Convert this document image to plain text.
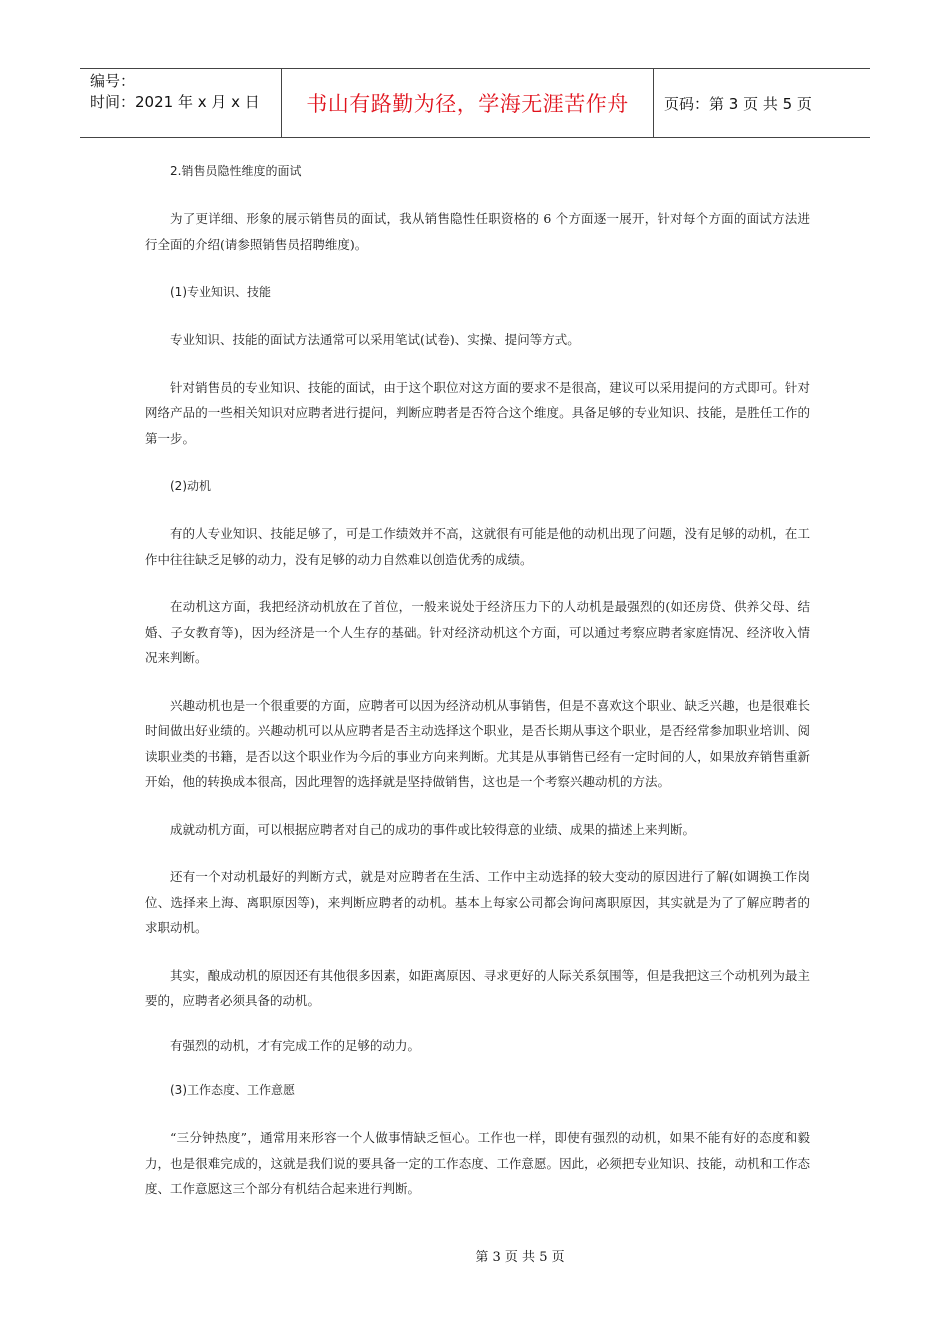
编号：
时间：2021 年 x 月 x 日	书山有路勤为径，学海无涯苦作舟	页码：第 3 页 共 5 页

2.销售员隐性维度的面试

为了更详细、形象的展示销售员的面试，我从销售隐性任职资格的 6 个方面逐一展开，针对每个方面的面试方法进行全面的介绍(请参照销售员招聘维度)。

(1)专业知识、技能

专业知识、技能的面试方法通常可以采用笔试(试卷)、实操、提问等方式。

针对销售员的专业知识、技能的面试，由于这个职位对这方面的要求不是很高，建议可以采用提问的方式即可。针对网络产品的一些相关知识对应聘者进行提问，判断应聘者是否符合这个维度。具备足够的专业知识、技能，是胜任工作的第一步。

(2)动机

有的人专业知识、技能足够了，可是工作绩效并不高，这就很有可能是他的动机出现了问题，没有足够的动机，在工作中往往缺乏足够的动力，没有足够的动力自然难以创造优秀的成绩。

在动机这方面，我把经济动机放在了首位，一般来说处于经济压力下的人动机是最强烈的(如还房贷、供养父母、结婚、子女教育等)，因为经济是一个人生存的基础。针对经济动机这个方面，可以通过考察应聘者家庭情况、经济收入情况来判断。

兴趣动机也是一个很重要的方面，应聘者可以因为经济动机从事销售，但是不喜欢这个职业、缺乏兴趣，也是很难长时间做出好业绩的。兴趣动机可以从应聘者是否主动选择这个职业，是否长期从事这个职业，是否经常参加职业培训、阅读职业类的书籍，是否以这个职业作为今后的事业方向来判断。尤其是从事销售已经有一定时间的人，如果放弃销售重新开始，他的转换成本很高，因此理智的选择就是坚持做销售，这也是一个考察兴趣动机的方法。

成就动机方面，可以根据应聘者对自己的成功的事件或比较得意的业绩、成果的描述上来判断。

还有一个对动机最好的判断方式，就是对应聘者在生活、工作中主动选择的较大变动的原因进行了解(如调换工作岗位、选择来上海、离职原因等)，来判断应聘者的动机。基本上每家公司都会询问离职原因，其实就是为了了解应聘者的求职动机。

其实，酿成动机的原因还有其他很多因素，如距离原因、寻求更好的人际关系氛围等，但是我把这三个动机列为最主要的，应聘者必须具备的动机。

有强烈的动机，才有完成工作的足够的动力。

(3)工作态度、工作意愿

“三分钟热度”，通常用来形容一个人做事情缺乏恒心。工作也一样，即使有强烈的动机，如果不能有好的态度和毅力，也是很难完成的，这就是我们说的要具备一定的工作态度、工作意愿。因此，必须把专业知识、技能，动机和工作态度、工作意愿这三个部分有机结合起来进行判断。

第 3 页 共 5 页
